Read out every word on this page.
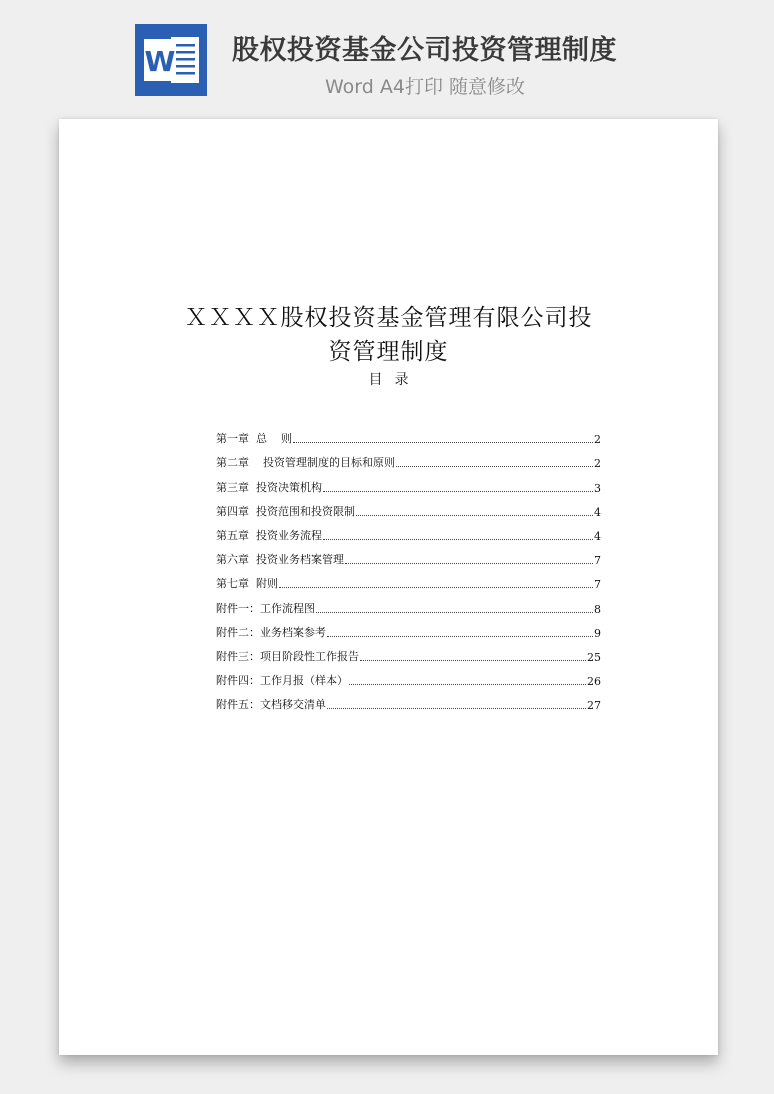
W 股权投资基金公司投资管理制度
Word A4打印 随意修改
ＸＸＸＸ股权投资基金管理有限公司投
资管理制度
目录
第一章  总    则	2
第二章    投资管理制度的目标和原则	2
第三章  投资决策机构	3
第四章  投资范围和投资限制	4
第五章  投资业务流程	4
第六章  投资业务档案管理	7
第七章  附则	7
附件一：工作流程图	8
附件二：业务档案参考	9
附件三：项目阶段性工作报告	25
附件四：工作月报（样本）	26
附件五：文档移交清单	27
